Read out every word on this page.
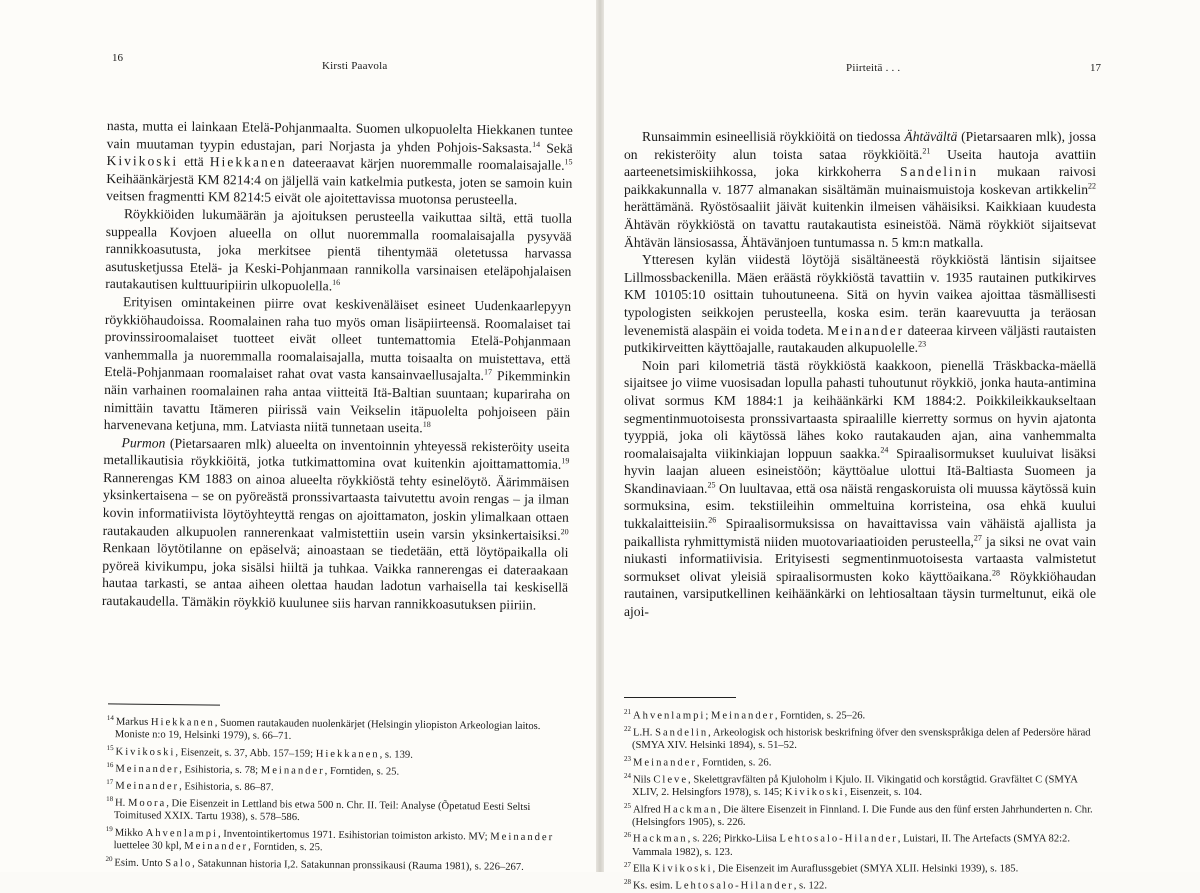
16
Kirsti Paavola

nasta, mutta ei lainkaan Etelä-Pohjanmaalta. Suomen ulkopuolelta Hiekkanen tuntee vain muutaman tyypin edustajan, pari Norjasta ja yhden Pohjois-Saksasta.$^{14}$ Sekä Kivikoski että Hiekkanen dateeraavat kärjen nuoremmalle roomalaisajalle.$^{15}$ Keihäänkärjestä KM 8214:4 on jäljellä vain katkelmia putkesta, joten se samoin kuin veitsen fragmentti KM 8214:5 eivät ole ajoitettavissa muotonsa perusteella.

Röykkiöiden lukumäärän ja ajoituksen perusteella vaikuttaa siltä, että tuolla suppealla Kovjoen alueella on ollut nuoremmalla roomalaisajalla pysyvää rannikkoasutusta, joka merkitsee pientä tihentymää oletetussa harvassa asutusketjussa Etelä- ja Keski-Pohjanmaan rannikolla varsinaisen eteläpohjalaisen rautakautisen kulttuuripiirin ulkopuolella.$^{16}$

Erityisen omintakeinen piirre ovat keskivenäläiset esineet Uudenkaarlepyyn röykkiöhaudoissa. Roomalainen raha tuo myös oman lisäpiirteensä. Roomalaiset tai provinssiroomalaiset tuotteet eivät olleet tuntemattomia Etelä-Pohjanmaan vanhemmalla ja nuoremmalla roomalaisajalla, mutta toisaalta on muistettava, että Etelä-Pohjanmaan roomalaiset rahat ovat vasta kansainvaellusajalta.$^{17}$ Pikemminkin näin varhainen roomalainen raha antaa viitteitä Itä-Baltian suuntaan; kupariraha on nimittäin tavattu Itämeren piirissä vain Veikselin itäpuolelta pohjoiseen päin harvenevana ketjuna, mm. Latviasta niitä tunnetaan useita.$^{18}$

Purmon (Pietarsaaren mlk) alueelta on inventoinnin yhteyessä rekisteröity useita metallikautisia röykkiöitä, jotka tutkimattomina ovat kuitenkin ajoittamattomia.$^{19}$ Rannerengas KM 1883 on ainoa alueelta röykkiöstä tehty esinelöytö. Äärimmäisen yksinkertaisena – se on pyöreästä pronssivartaasta taivutettu avoin rengas – ja ilman kovin informatiivista löytöyhteyttä rengas on ajoittamaton, joskin ylimalkaan ottaen rautakauden alkupuolen rannerenkaat valmistettiin usein varsin yksinkertaisiksi.$^{20}$ Renkaan löytötilanne on epäselvä; ainoastaan se tiedetään, että löytöpaikalla oli pyöreä kivikumpu, joka sisälsi hiiltä ja tuhkaa. Vaikka rannerengas ei dateraakaan hautaa tarkasti, se antaa aiheen olettaa haudan ladotun varhaisella tai keskisellä rautakaudella. Tämäkin röykkiö kuulunee siis harvan rannikkoasutuksen piiriin.

$^{14}$ Markus Hiekkanen, Suomen rautakauden nuolenkärjet (Helsingin yliopiston Arkeologian laitos. Moniste n:o 19, Helsinki 1979), s. 66–71.

$^{15}$ Kivikoski, Eisenzeit, s. 37, Abb. 157–159; Hiekkanen, s. 139.

$^{16}$ Meinander, Esihistoria, s. 78; Meinander, Forntiden, s. 25.

$^{17}$ Meinander, Esihistoria, s. 86–87.

$^{18}$ H. Moora, Die Eisenzeit in Lettland bis etwa 500 n. Chr. II. Teil: Analyse (Õpetatud Eesti Seltsi Toimitused XXIX. Tartu 1938), s. 578–586.

$^{19}$ Mikko Ahvenlampi, Inventointikertomus 1971. Esihistorian toimiston arkisto. MV; Meinander luettelee 30 kpl, Meinander, Forntiden, s. 25.

$^{20}$ Esim. Unto Salo, Satakunnan historia I,2. Satakunnan pronssikausi (Rauma 1981), s. 226–267.

Piirteitä . . .	17

Runsaimmin esineellisiä röykkiöitä on tiedossa Ähtävältä (Pietarsaaren mlk), jossa on rekisteröity alun toista sataa röykkiöitä.$^{21}$ Useita hautoja avattiin aarteenetsimiskiihkossa, joka kirkkoherra Sandelinin mukaan raivosi paikkakunnalla v. 1877 almanakan sisältämän muinaismuistoja koskevan artikkelin$^{22}$ herättämänä. Ryöstösaaliit jäivät kuitenkin ilmeisen vähäisiksi. Kaikkiaan kuudesta Ähtävän röykkiöstä on tavattu rautakautista esineistöä. Nämä röykkiöt sijaitsevat Ähtävän länsiosassa, Ähtävänjoen tuntumassa n. 5 km:n matkalla.

Ytteresen kylän viidestä löytöjä sisältäneestä röykkiöstä läntisin sijaitsee Lillmossbackenilla. Mäen eräästä röykkiöstä tavattiin v. 1935 rautainen putkikirves KM 10105:10 osittain tuhoutuneena. Sitä on hyvin vaikea ajoittaa täsmällisesti typologisten seikkojen perusteella, koska esim. terän kaarevuutta ja teräosan levenemistä alaspäin ei voida todeta. Meinander dateeraa kirveen väljästi rautaisten putkikirveitten käyttöajalle, rautakauden alkupuolelle.$^{23}$

Noin pari kilometriä tästä röykkiöstä kaakkoon, pienellä Träskbacka-mäellä sijaitsee jo viime vuosisadan lopulla pahasti tuhoutunut röykkiö, jonka hauta-antimina olivat sormus KM 1884:1 ja keihäänkärki KM 1884:2. Poikkileikkaukseltaan segmentinmuotoisesta pronssivartaasta spiraalille kierretty sormus on hyvin ajatonta tyyppiä, joka oli käytössä lähes koko rautakauden ajan, aina vanhemmalta roomalaisajalta viikinkiajan loppuun saakka.$^{24}$ Spiraalisormukset kuuluivat lisäksi hyvin laajan alueen esineistöön; käyttöalue ulottui Itä-Baltiasta Suomeen ja Skandinaviaan.$^{25}$ On luultavaa, että osa näistä rengaskoruista oli muussa käytössä kuin sormuksina, esim. tekstiileihin ommeltuina korristeina, osa ehkä kuului tukkalaitteisiin.$^{26}$ Spiraalisormuksissa on havaittavissa vain vähäistä ajallista ja paikallista ryhmittymistä niiden muotovariaatioiden perusteella,$^{27}$ ja siksi ne ovat vain niukasti informatiivisia. Erityisesti segmentinmuotoisesta vartaasta valmistetut sormukset olivat yleisiä spiraalisormusten koko käyttöaikana.$^{28}$ Röykkiöhaudan rautainen, varsiputkellinen keihäänkärki on lehtiosaltaan täysin turmeltunut, eikä ole ajoi-

$^{21}$ Ahvenlampi; Meinander, Forntiden, s. 25–26.

$^{22}$ L.H. Sandelin, Arkeologisk och historisk beskrifning öfver den svenskspråkiga delen af Pedersöre härad (SMYA XIV. Helsinki 1894), s. 51–52.

$^{23}$ Meinander, Forntiden, s. 26.

$^{24}$ Nils Cleve, Skelettgravfälten på Kjuloholm i Kjulo. II. Vikingatid och korstågtid. Gravfältet C (SMYA XLIV, 2. Helsingfors 1978), s. 145; Kivikoski, Eisenzeit, s. 104.

$^{25}$ Alfred Hackman, Die ältere Eisenzeit in Finnland. I. Die Funde aus den fünf ersten Jahrhunderten n. Chr. (Helsingfors 1905), s. 226.

$^{26}$ Hackman, s. 226; Pirkko-Liisa Lehtosalo-Hilander, Luistari, II. The Artefacts (SMYA 82:2. Vammala 1982), s. 123.

$^{27}$ Ella Kivikoski, Die Eisenzeit im Auraflussgebiet (SMYA XLII. Helsinki 1939), s. 185.

$^{28}$ Ks. esim. Lehtosalo-Hilander, s. 122.
